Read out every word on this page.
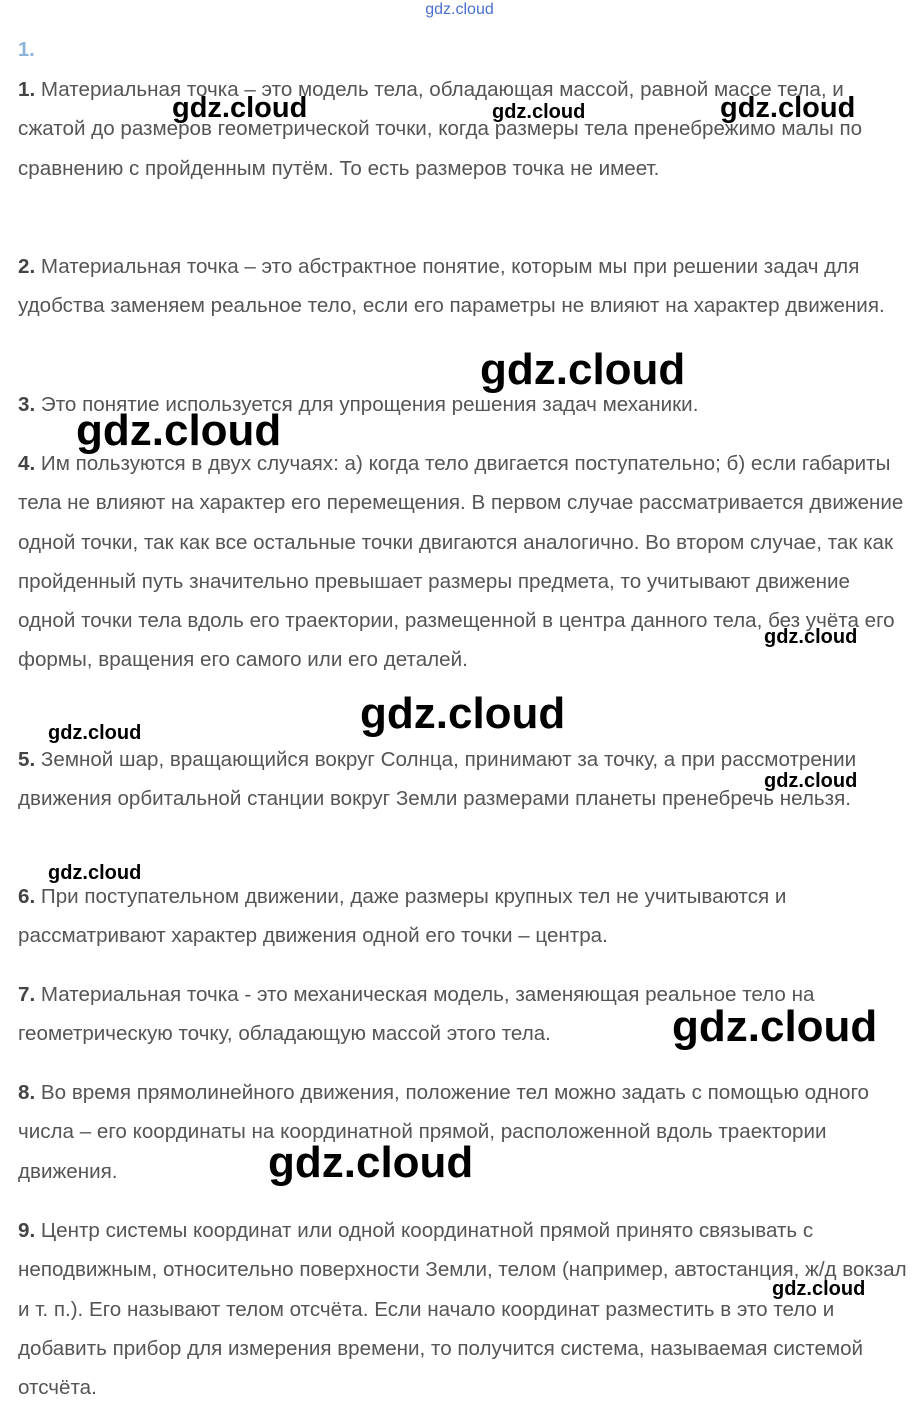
gdz.cloud
1.

1. Материальная точка – это модель тела, обладающая массой, равной массе тела, и сжатой до размеров геометрической точки, когда размеры тела пренебрежимо малы по сравнению с пройденным путём. То есть размеров точка не имеет.

2. Материальная точка – это абстрактное понятие, которым мы при решении задач для удобства заменяем реальное тело, если его параметры не влияют на характер движения.

3. Это понятие используется для упрощения решения задач механики.

4. Им пользуются в двух случаях: а) когда тело двигается поступательно; б) если габариты тела не влияют на характер его перемещения. В первом случае рассматривается движение одной точки, так как все остальные точки двигаются аналогично. Во втором случае, так как пройденный путь значительно превышает размеры предмета, то учитывают движение одной точки тела вдоль его траектории, размещенной в центра данного тела, без учёта его формы, вращения его самого или его деталей.

5. Земной шар, вращающийся вокруг Солнца, принимают за точку, а при рассмотрении движения орбитальной станции вокруг Земли размерами планеты пренебречь нельзя.

6. При поступательном движении, даже размеры крупных тел не учитываются и рассматривают характер движения одной его точки – центра.

7. Материальная точка - это механическая модель, заменяющая реальное тело на геометрическую точку, обладающую массой этого тела.

8. Во время прямолинейного движения, положение тел можно задать с помощью одного числа – его координаты на координатной прямой, расположенной вдоль траектории движения.

9. Центр системы координат или одной координатной прямой принято связывать с неподвижным, относительно поверхности Земли, телом (например, автостанция, ж/д вокзал и т. п.). Его называют телом отсчёта. Если начало координат разместить в это тело и добавить прибор для измерения времени, то получится система, называемая системой отсчёта.

gdz.cloud	gdz.cloud	gdz.cloud
gdz.cloud
gdz.cloud
gdz.cloud
gdz.cloud
gdz.cloud
gdz.cloud
gdz.cloud
gdz.cloud
gdz.cloud
gdz.cloud
